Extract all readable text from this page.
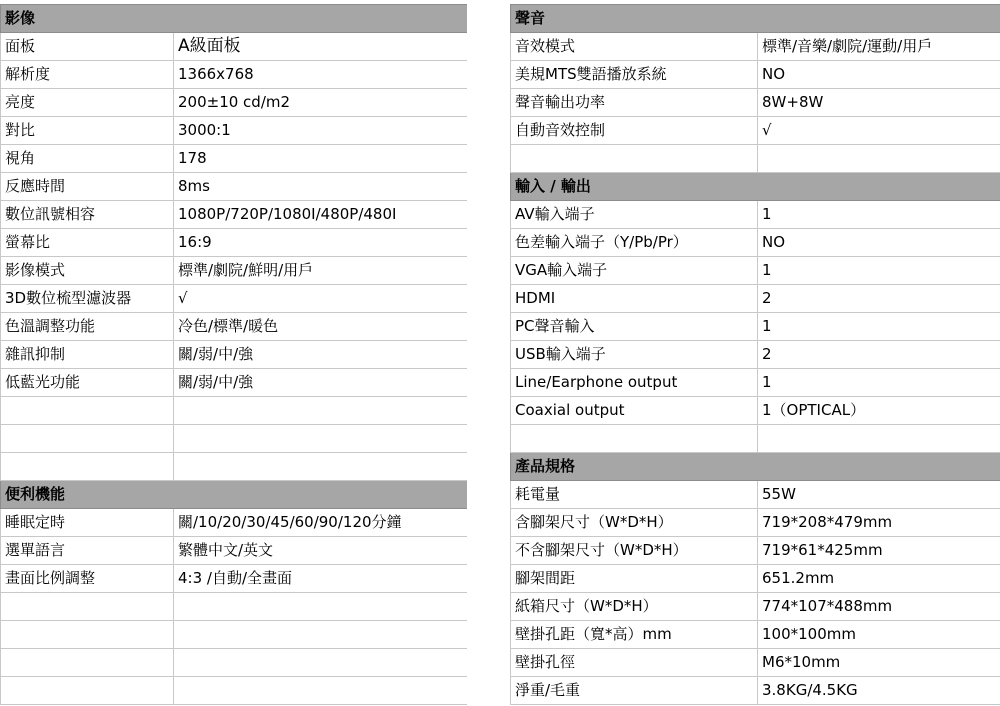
影像	
面板	A級面板
解析度	1366x768
亮度	200±10 cd/m2
對比	3000:1
視角	178
反應時間	8ms
數位訊號相容	1080P/720P/1080I/480P/480I
螢幕比	16:9
影像模式	標準/劇院/鮮明/用戶
3D數位梳型濾波器	√
色溫調整功能	冷色/標準/暖色
雜訊抑制	關/弱/中/強
低藍光功能	關/弱/中/強

便利機能	
睡眠定時	關/10/20/30/45/60/90/120分鐘
選單語言	繁體中文/英文
畫面比例調整	4:3 /自動/全畫面

聲音	
音效模式	標準/音樂/劇院/運動/用戶
美規MTS雙語播放系統	NO
聲音輸出功率	8W+8W
自動音效控制	√

輸入 / 輸出	
AV輸入端子	1
色差輸入端子（Y/Pb/Pr）	NO
VGA輸入端子	1
HDMI	2
PC聲音輸入	1
USB輸入端子	2
Line/Earphone output	1
Coaxial output	1（OPTICAL）

產品規格	
耗電量	55W
含腳架尺寸（W*D*H）	719*208*479mm
不含腳架尺寸（W*D*H）	719*61*425mm
腳架間距	651.2mm
紙箱尺寸（W*D*H）	774*107*488mm
壁掛孔距（寬*高）mm	100*100mm
壁掛孔徑	M6*10mm
淨重/毛重	3.8KG/4.5KG
